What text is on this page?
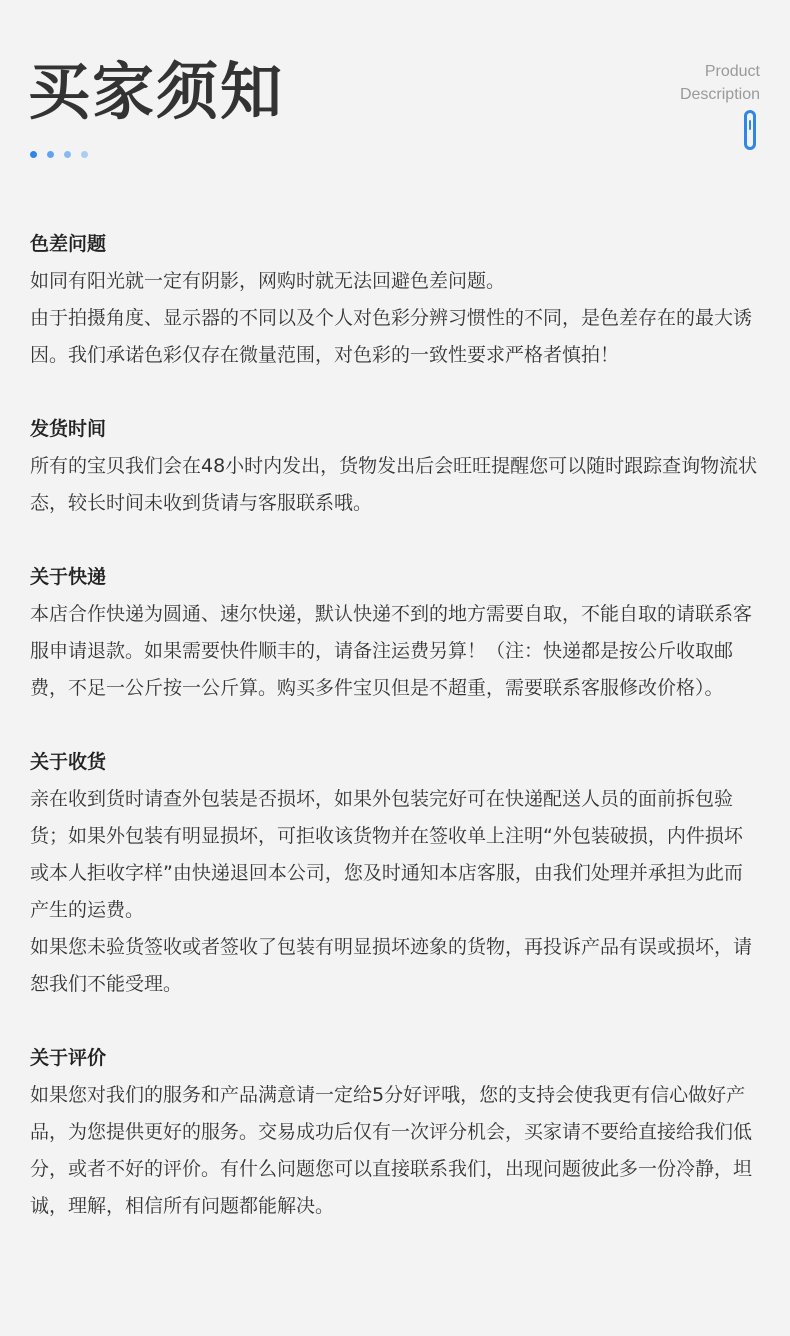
买家须知	Product
Description
色差问题

如同有阳光就一定有阴影，网购时就无法回避色差问题。

由于拍摄角度、显示器的不同以及个人对色彩分辨习惯性的不同，是色差存在的最大诱因。我们承诺色彩仅存在微量范围，对色彩的一致性要求严格者慎拍！

发货时间

所有的宝贝我们会在48小时内发出，货物发出后会旺旺提醒您可以随时跟踪查询物流状态，较长时间未收到货请与客服联系哦。

关于快递

本店合作快递为圆通、速尔快递，默认快递不到的地方需要自取，不能自取的请联系客服申请退款。如果需要快件顺丰的，请备注运费另算！（注：快递都是按公斤收取邮费，不足一公斤按一公斤算。购买多件宝贝但是不超重，需要联系客服修改价格）。

关于收货

亲在收到货时请查外包装是否损坏，如果外包装完好可在快递配送人员的面前拆包验货；如果外包装有明显损坏，可拒收该货物并在签收单上注明“外包装破损，内件损坏或本人拒收字样”由快递退回本公司，您及时通知本店客服，由我们处理并承担为此而产生的运费。

如果您未验货签收或者签收了包装有明显损坏迹象的货物，再投诉产品有误或损坏，请恕我们不能受理。

关于评价

如果您对我们的服务和产品满意请一定给5分好评哦，您的支持会使我更有信心做好产品，为您提供更好的服务。交易成功后仅有一次评分机会，买家请不要给直接给我们低分，或者不好的评价。有什么问题您可以直接联系我们，出现问题彼此多一份冷静，坦诚，理解，相信所有问题都能解决。
